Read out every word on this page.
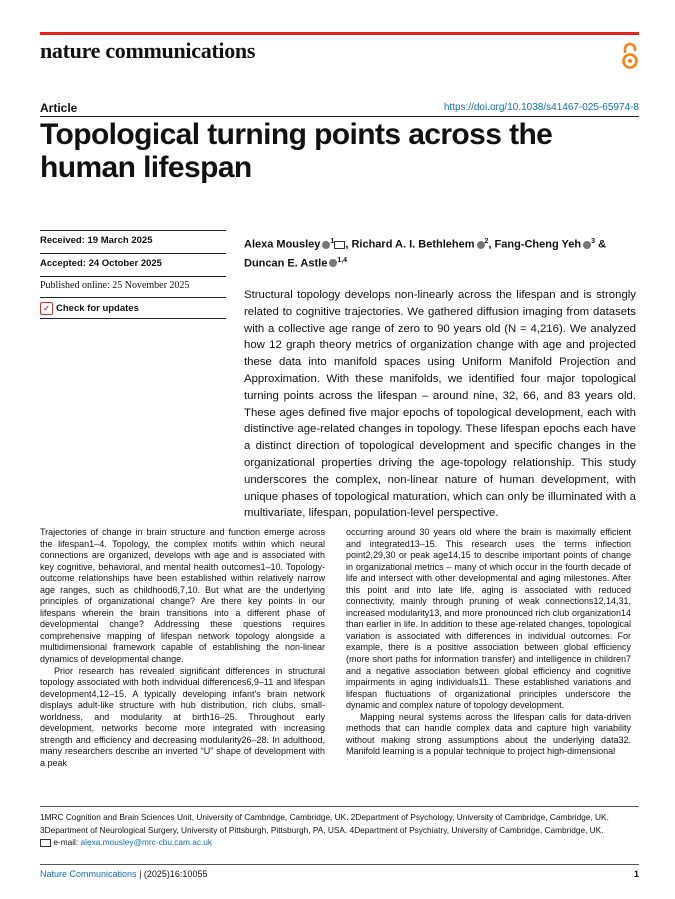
nature communications
Article	https://doi.org/10.1038/s41467-025-65974-8
Topological turning points across the human lifespan
Received: 19 March 2025
Accepted: 24 October 2025
Published online: 25 November 2025
✓ Check for updates
Alexa Mousley $^1$ , Richard A. I. Bethlehem $^2$, Fang-Cheng Yeh $^3$ & Duncan E. Astle $^{1,4}$

Structural topology develops non-linearly across the lifespan and is strongly related to cognitive trajectories. We gathered diffusion imaging from datasets with a collective age range of zero to 90 years old (N = 4,216). We analyzed how 12 graph theory metrics of organization change with age and projected these data into manifold spaces using Uniform Manifold Projection and Approximation. With these manifolds, we identified four major topological turning points across the lifespan – around nine, 32, 66, and 83 years old. These ages defined five major epochs of topological development, each with distinctive age-related changes in topology. These lifespan epochs each have a distinct direction of topological development and specific changes in the organizational properties driving the age-topology relationship. This study underscores the complex, non-linear nature of human development, with unique phases of topological maturation, which can only be illuminated with a multivariate, lifespan, population-level perspective.

Trajectories of change in brain structure and function emerge across the lifespan1–4. Topology, the complex motifs within which neural connections are organized, develops with age and is associated with key cognitive, behavioral, and mental health outcomes1–10. Topology-outcome relationships have been established within relatively narrow age ranges, such as childhood6,7,10. But what are the underlying principles of organizational change? Are there key points in our lifespans wherein the brain transitions into a different phase of developmental change? Addressing these questions requires comprehensive mapping of lifespan network topology alongside a multidimensional framework capable of establishing the non-linear dynamics of developmental change.

Prior research has revealed significant differences in structural topology associated with both individual differences6,9–11 and lifespan development4,12–15. A typically developing infant's brain network displays adult-like structure with hub distribution, rich clubs, small-worldness, and modularity at birth16–25. Throughout early development, networks become more integrated with increasing strength and efficiency and decreasing modularity26–28. In adulthood, many researchers describe an inverted “U” shape of development with a peak

occurring around 30 years old where the brain is maximally efficient and integrated13–15. This research uses the terms inflection point2,29,30 or peak age14,15 to describe important points of change in organizational metrics – many of which occur in the fourth decade of life and intersect with other developmental and aging milestones. After this point and into late life, aging is associated with reduced connectivity, mainly through pruning of weak connections12,14,31, increased modularity13, and more pronounced rich club organization14 than earlier in life. In addition to these age-related changes, topological variation is associated with differences in individual outcomes. For example, there is a positive association between global efficiency (more short paths for information transfer) and intelligence in children7 and a negative association between global efficiency and cognitive impairments in aging individuals11. These established variations and lifespan fluctuations of organizational principles underscore the dynamic and complex nature of topology development.

Mapping neural systems across the lifespan calls for data-driven methods that can handle complex data and capture high variability without making strong assumptions about the underlying data32. Manifold learning is a popular technique to project high-dimensional

1MRC Cognition and Brain Sciences Unit, University of Cambridge, Cambridge, UK. 2Department of Psychology, University of Cambridge, Cambridge, UK.
3Department of Neurological Surgery, University of Pittsburgh, Pittsburgh, PA, USA. 4Department of Psychiatry, University of Cambridge, Cambridge, UK.
e-mail: alexa.mousley@mrc-cbu.cam.ac.uk
Nature Communications | (2025)16:10055	1
